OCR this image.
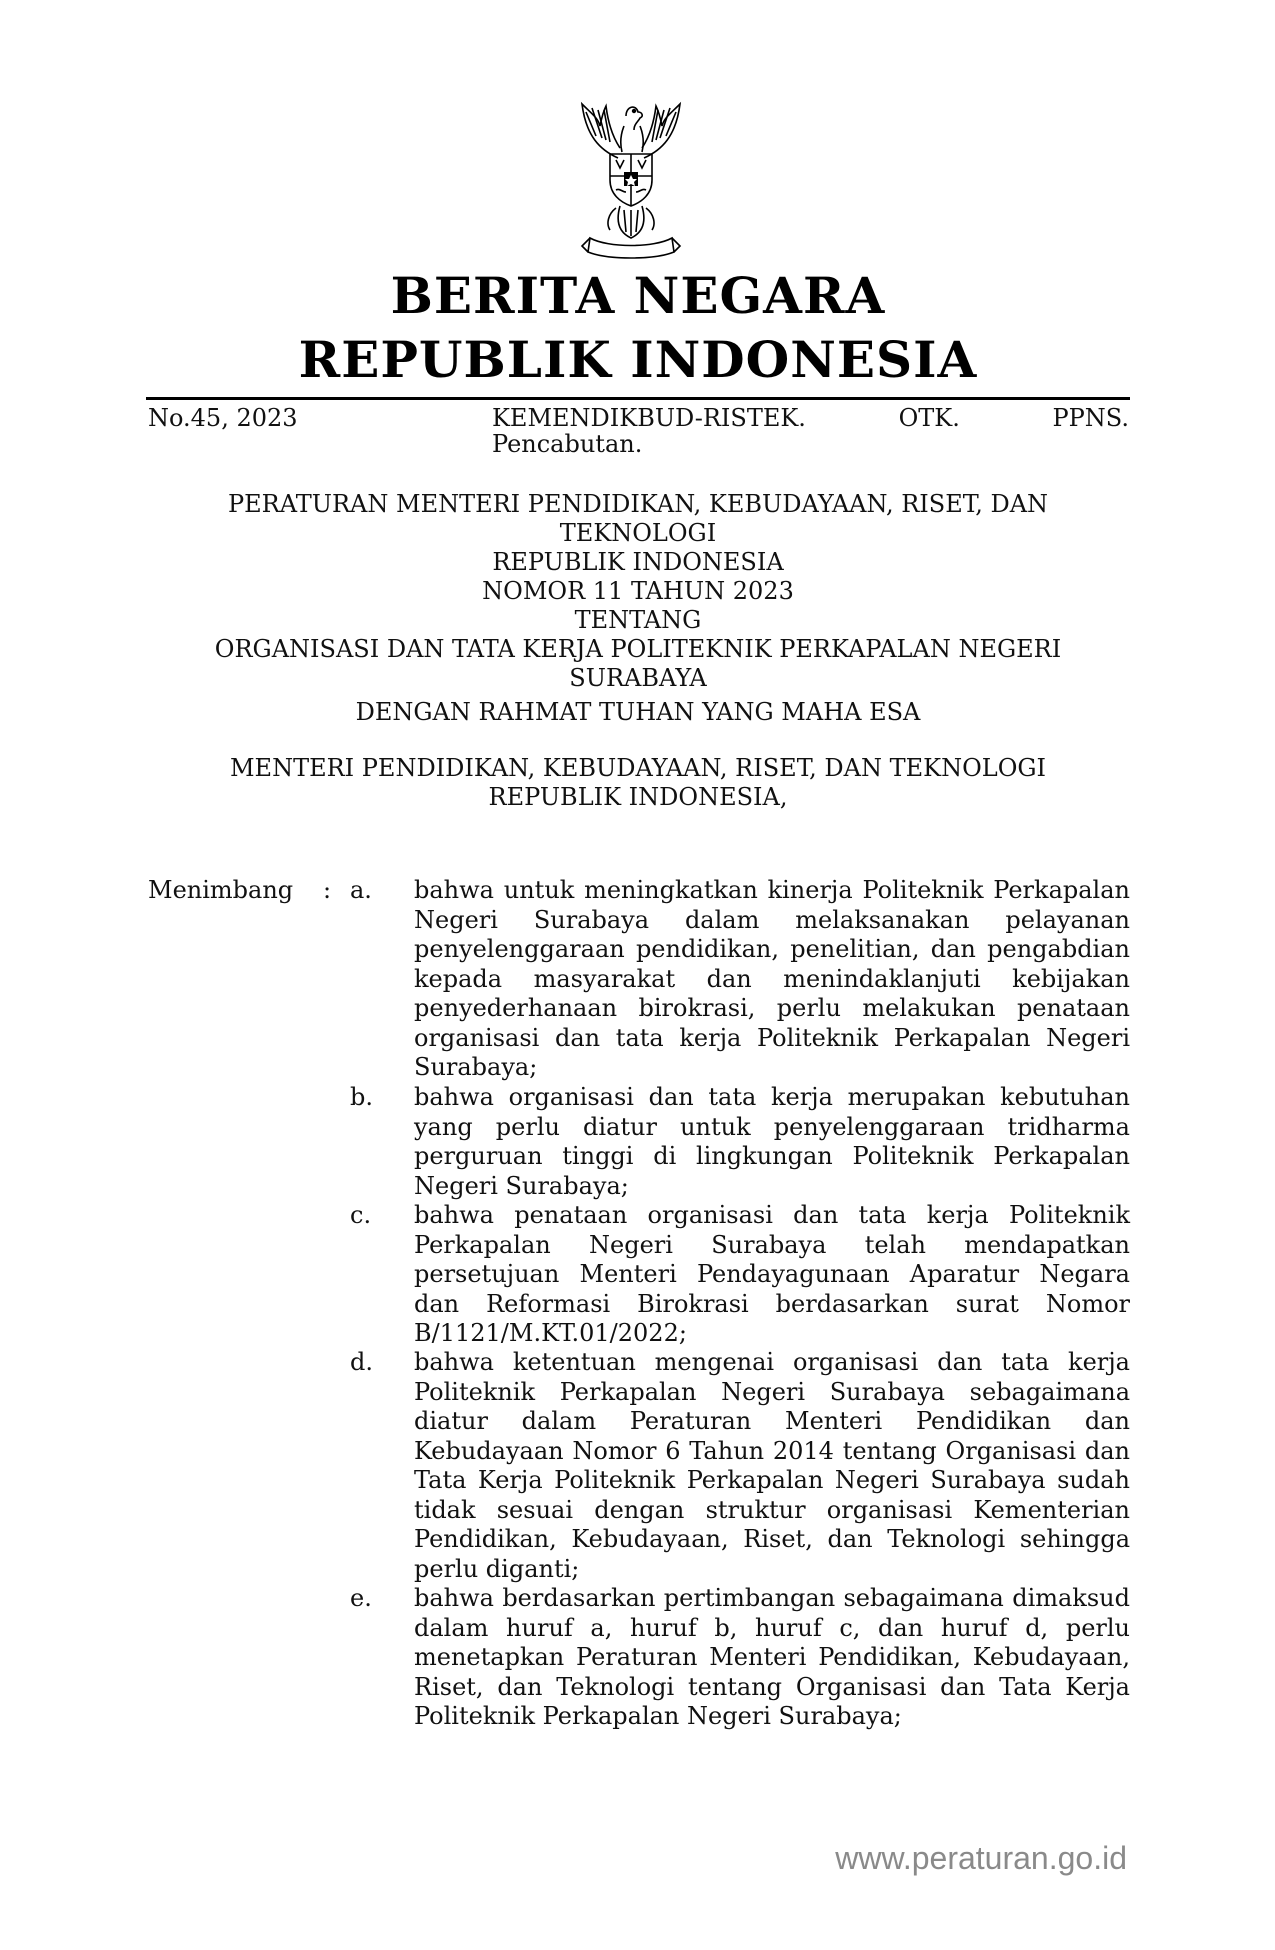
BERITA NEGARA
REPUBLIK INDONESIA
No.45, 2023	KEMENDIKBUD-RISTEK.	OTK.	PPNS.
Pencabutan.
PERATURAN MENTERI PENDIDIKAN, KEBUDAYAAN, RISET, DAN TEKNOLOGI
REPUBLIK INDONESIA
NOMOR 11 TAHUN 2023
TENTANG
ORGANISASI DAN TATA KERJA POLITEKNIK PERKAPALAN NEGERI
SURABAYA
DENGAN RAHMAT TUHAN YANG MAHA ESA
MENTERI PENDIDIKAN, KEBUDAYAAN, RISET, DAN TEKNOLOGI
REPUBLIK INDONESIA,
Menimbang : a.	bahwa untuk meningkatkan kinerja Politeknik Perkapalan Negeri Surabaya dalam melaksanakan pelayanan penyelenggaraan pendidikan, penelitian, dan pengabdian kepada masyarakat dan menindaklanjuti kebijakan penyederhanaan birokrasi, perlu melakukan penataan organisasi dan tata kerja Politeknik Perkapalan Negeri Surabaya;
b. bahwa organisasi dan tata kerja merupakan kebutuhan yang perlu diatur untuk penyelenggaraan tridharma perguruan tinggi di lingkungan Politeknik Perkapalan Negeri Surabaya;
c.	bahwa penataan organisasi dan tata kerja Politeknik Perkapalan Negeri Surabaya telah mendapatkan persetujuan Menteri Pendayagunaan Aparatur Negara dan Reformasi Birokrasi berdasarkan surat Nomor B/1121/M.KT.01/2022;
d. bahwa ketentuan mengenai organisasi dan tata kerja Politeknik Perkapalan Negeri Surabaya sebagaimana diatur dalam Peraturan Menteri Pendidikan dan Kebudayaan Nomor 6 Tahun 2014 tentang Organisasi dan Tata Kerja Politeknik Perkapalan Negeri Surabaya sudah tidak sesuai dengan struktur organisasi Kementerian Pendidikan, Kebudayaan, Riset, dan Teknologi sehingga perlu diganti;
e.	bahwa berdasarkan pertimbangan sebagaimana dimaksud dalam huruf a, huruf b, huruf c, dan huruf d, perlu menetapkan Peraturan Menteri Pendidikan, Kebudayaan, Riset, dan Teknologi tentang Organisasi dan Tata Kerja Politeknik Perkapalan Negeri Surabaya;
www.peraturan.go.id
